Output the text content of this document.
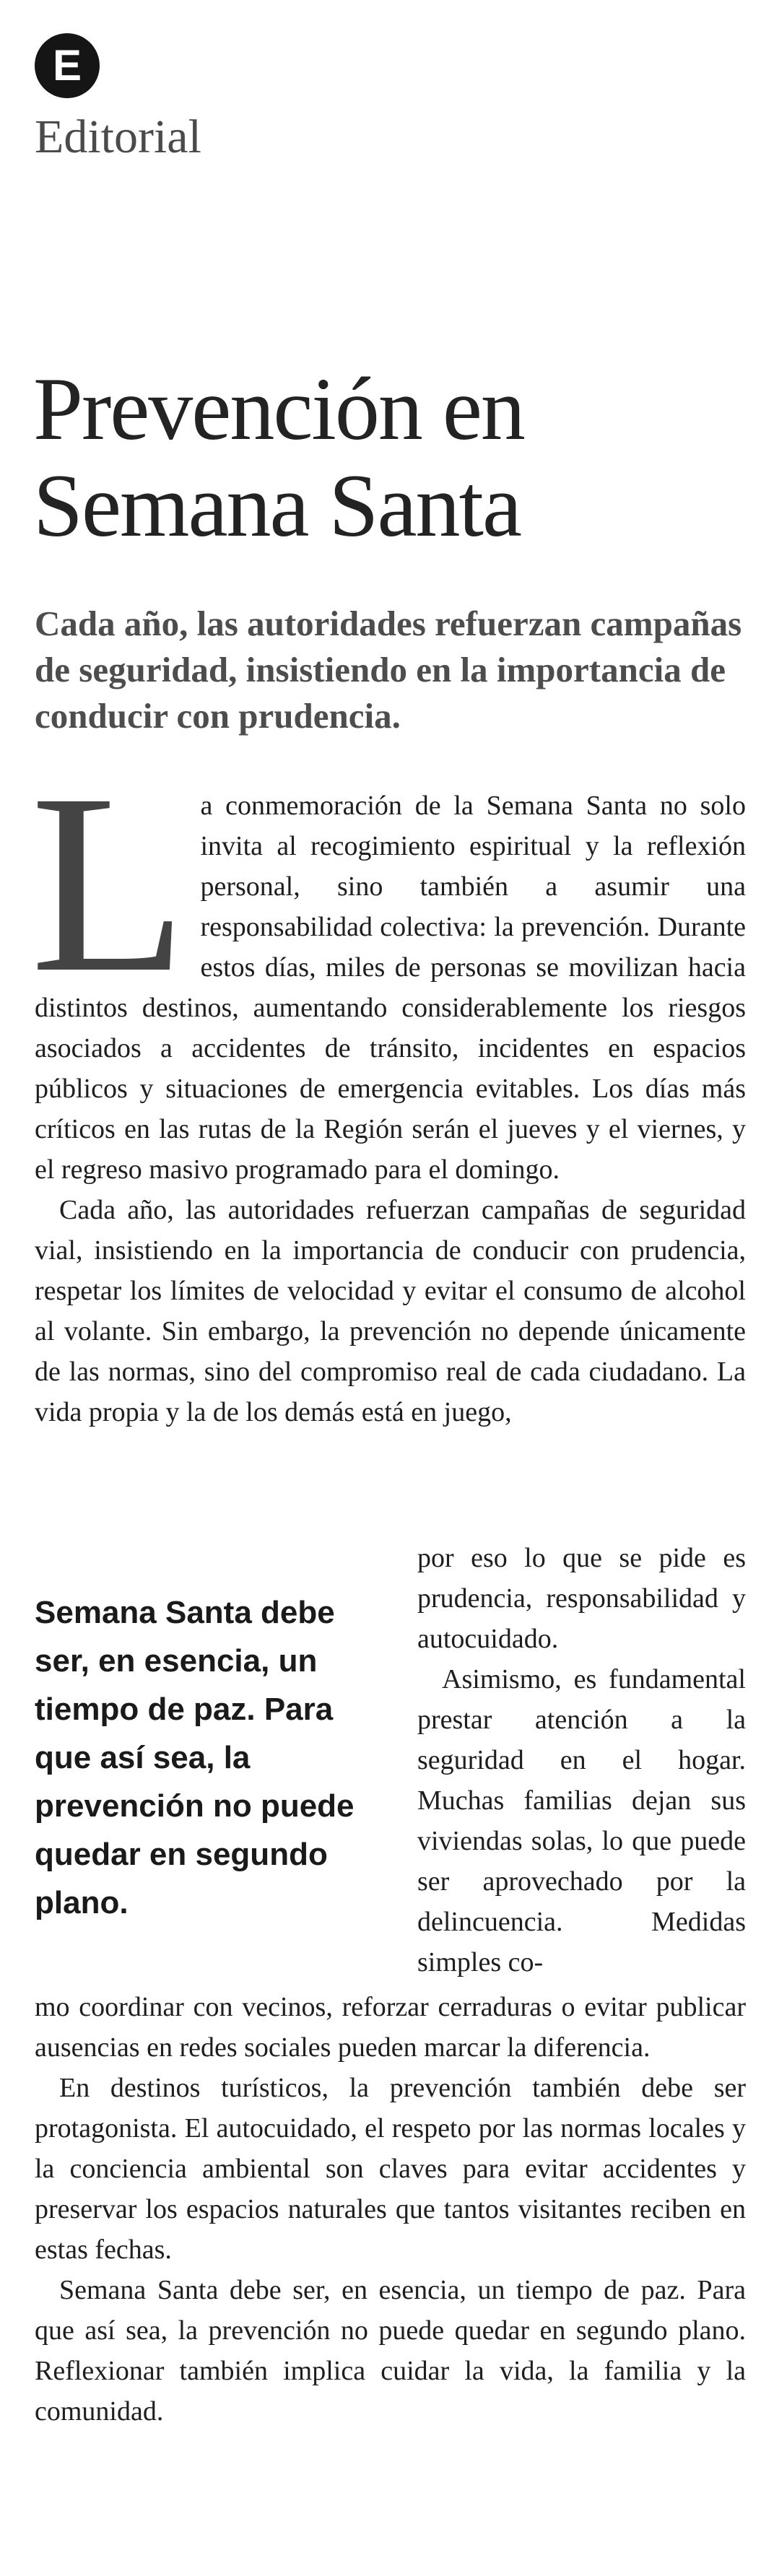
E
Editorial
Prevención en Semana Santa

Cada año, las autoridades refuerzan campañas de seguridad, insistiendo en la importancia de conducir con prudencia.

La conmemoración de la Semana Santa no solo invita al recogimiento espiritual y la reflexión personal, sino también a asumir una responsabilidad colectiva: la prevención. Durante estos días, miles de personas se movilizan hacia distintos destinos, aumentando considerablemente los riesgos asociados a accidentes de tránsito, incidentes en espacios públicos y situaciones de emergencia evitables. Los días más críticos en las rutas de la Región serán el jueves y el viernes, y el regreso masivo programado para el domingo.

Cada año, las autoridades refuerzan campañas de seguridad vial, insistiendo en la importancia de conducir con prudencia, respetar los límites de velocidad y evitar el consumo de alcohol al volante. Sin embargo, la prevención no depende únicamente de las normas, sino del compromiso real de cada ciudadano. La vida propia y la de los demás está en juego,

Semana Santa debe ser, en esencia, un tiempo de paz. Para que así sea, la prevención no puede quedar en segundo plano.

por eso lo que se pide es prudencia, responsabilidad y autocuidado.

Asimismo, es fundamental prestar atención a la seguridad en el hogar. Muchas familias dejan sus viviendas solas, lo que puede ser aprovechado por la delincuencia. Medidas simples co-

mo coordinar con vecinos, reforzar cerraduras o evitar publicar ausencias en redes sociales pueden marcar la diferencia.

En destinos turísticos, la prevención también debe ser protagonista. El autocuidado, el respeto por las normas locales y la conciencia ambiental son claves para evitar accidentes y preservar los espacios naturales que tantos visitantes reciben en estas fechas.

Semana Santa debe ser, en esencia, un tiempo de paz. Para que así sea, la prevención no puede quedar en segundo plano. Reflexionar también implica cuidar la vida, la familia y la comunidad.
